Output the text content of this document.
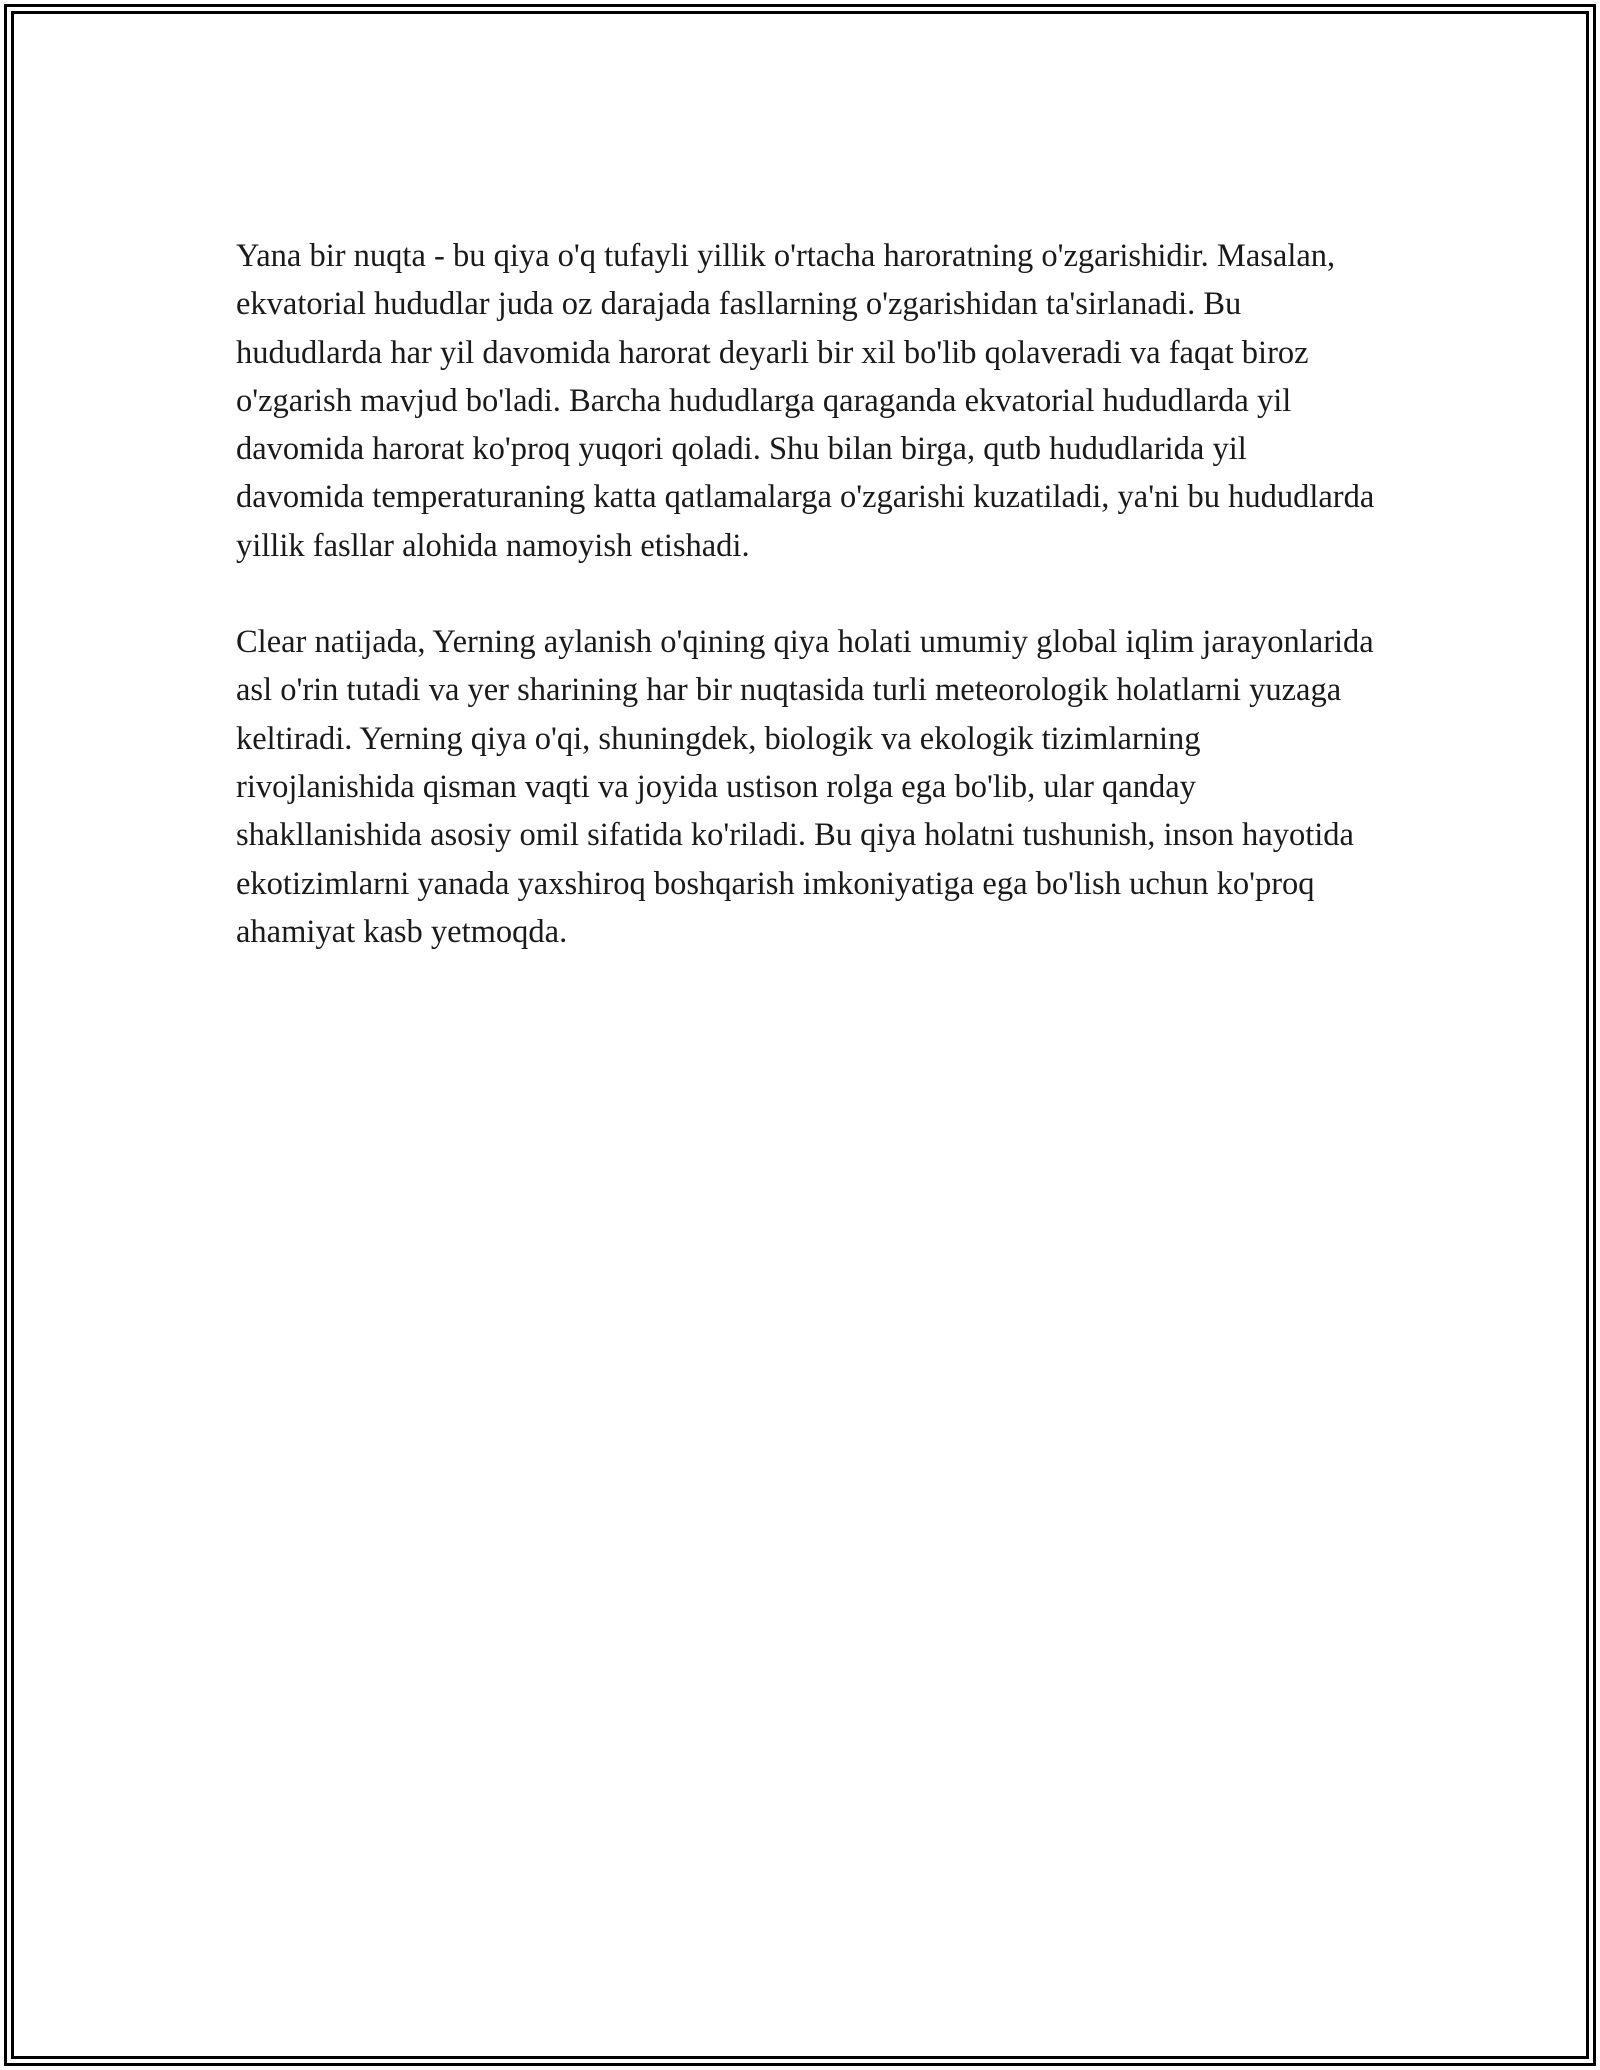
Yana bir nuqta - bu qiya o'q tufayli yillik o'rtacha haroratning o'zgarishidir. Masalan, ekvatorial hududlar juda oz darajada fasllarning o'zgarishidan ta'sirlanadi. Bu hududlarda har yil davomida harorat deyarli bir xil bo'lib qolaveradi va faqat biroz o'zgarish mavjud bo'ladi. Barcha hududlarga qaraganda ekvatorial hududlarda yil davomida harorat ko'proq yuqori qoladi. Shu bilan birga, qutb hududlarida yil davomida temperaturaning katta qatlamalarga o'zgarishi kuzatiladi, ya'ni bu hududlarda yillik fasllar alohida namoyish etishadi.

Clear natijada, Yerning aylanish o'qining qiya holati umumiy global iqlim jarayonlarida asl o'rin tutadi va yer sharining har bir nuqtasida turli meteorologik holatlarni yuzaga keltiradi. Yerning qiya o'qi, shuningdek, biologik va ekologik tizimlarning rivojlanishida qisman vaqti va joyida ustison rolga ega bo'lib, ular qanday shakllanishida asosiy omil sifatida ko'riladi. Bu qiya holatni tushunish, inson hayotida ekotizimlarni yanada yaxshiroq boshqarish imkoniyatiga ega bo'lish uchun ko'proq ahamiyat kasb yetmoqda.
